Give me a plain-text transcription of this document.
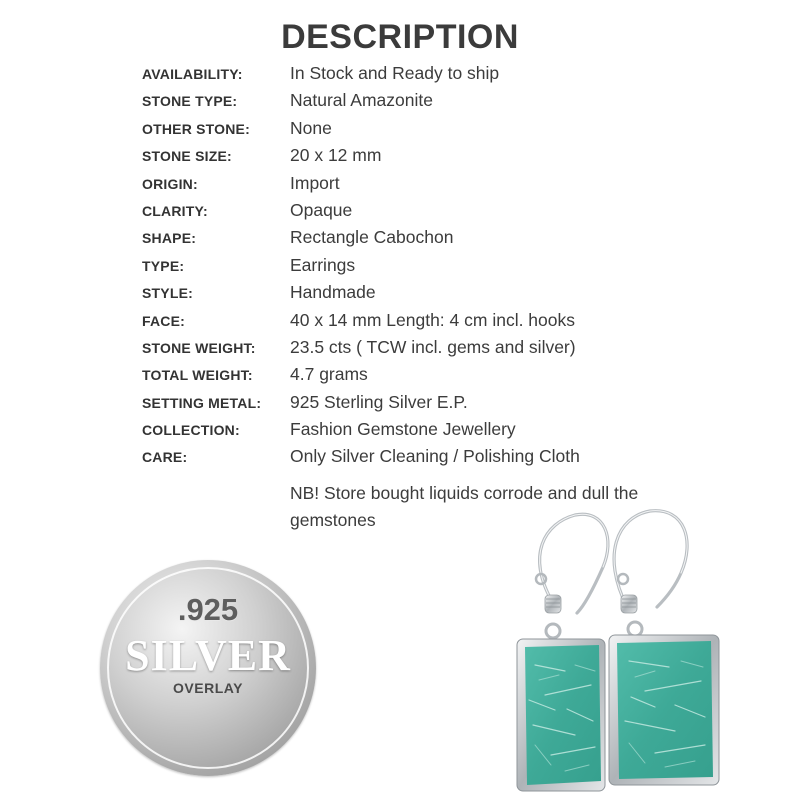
DESCRIPTION
AVAILABILITY:	In Stock and Ready to ship
STONE TYPE:	Natural Amazonite
OTHER STONE:	None
STONE SIZE:	20 x 12 mm
ORIGIN:	Import
CLARITY:	Opaque
SHAPE:	Rectangle Cabochon
TYPE:	Earrings
STYLE:	Handmade
FACE:	40 x 14 mm Length: 4 cm incl. hooks
STONE WEIGHT:	23.5 cts ( TCW incl. gems and silver)
TOTAL WEIGHT:	4.7 grams
SETTING METAL:	925 Sterling Silver E.P.
COLLECTION:	Fashion Gemstone Jewellery
CARE:	Only Silver Cleaning / Polishing Cloth
NB! Store bought liquids corrode and dull the gemstones
.925
SILVER
OVERLAY
